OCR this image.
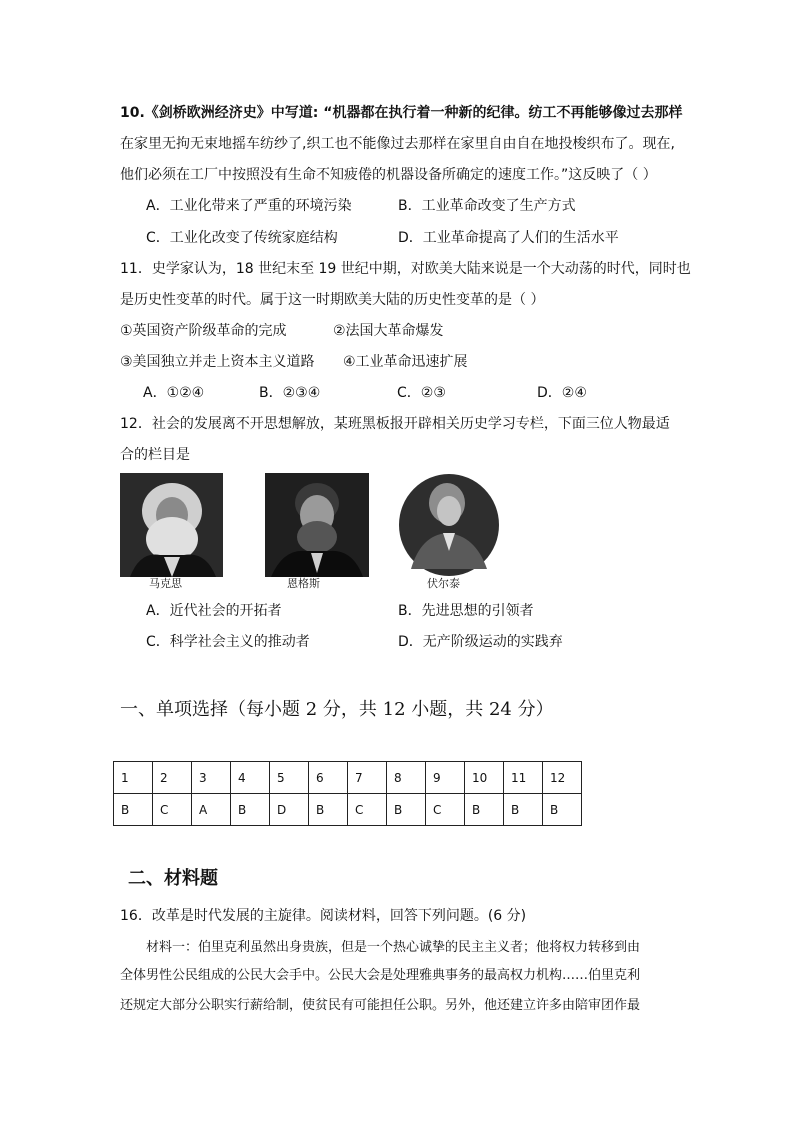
10.《剑桥欧洲经济史》中写道: “机器都在执行着一种新的纪律。纺工不再能够像过去那样
在家里无拘无束地摇车纺纱了,织工也不能像过去那样在家里自由自在地投梭织布了。现在,
他们必须在工厂中按照没有生命不知疲倦的机器设备所确定的速度工作。”这反映了（ ）
A．工业化带来了严重的环境污染	B．工业革命改变了生产方式
C．工业化改变了传统家庭结构	D．工业革命提高了人们的生活水平
11．史学家认为，18 世纪末至 19 世纪中期，对欧美大陆来说是一个大动荡的时代，同时也
是历史性变革的时代。属于这一时期欧美大陆的历史性变革的是（ ）
①英国资产阶级革命的完成	②法国大革命爆发
③美国独立并走上资本主义道路 ④工业革命迅速扩展
A．①②④	B．②③④	C．②③	D．②④
12．社会的发展离不开思想解放，某班黑板报开辟相关历史学习专栏，下面三位人物最适
合的栏目是
马克思	恩格斯	伏尔泰
A．近代社会的开拓者	B．先进思想的引领者
C．科学社会主义的推动者	D．无产阶级运动的实践弃
一、单项选择（每小题 2 分，共 12 小题，共 24 分）
1	2	3	4	5	6	7	8	9	10	11	12
B	C	A	B	D	B	C	B	C	B	B	B
二、材料题
16．改革是时代发展的主旋律。阅读材料，回答下列问题。(6 分)
材料一：伯里克利虽然出身贵族，但是一个热心诚挚的民主主义者；他将权力转移到由
全体男性公民组成的公民大会手中。公民大会是处理雅典事务的最高权力机构……伯里克利
还规定大部分公职实行薪给制，使贫民有可能担任公职。另外，他还建立许多由陪审团作最
